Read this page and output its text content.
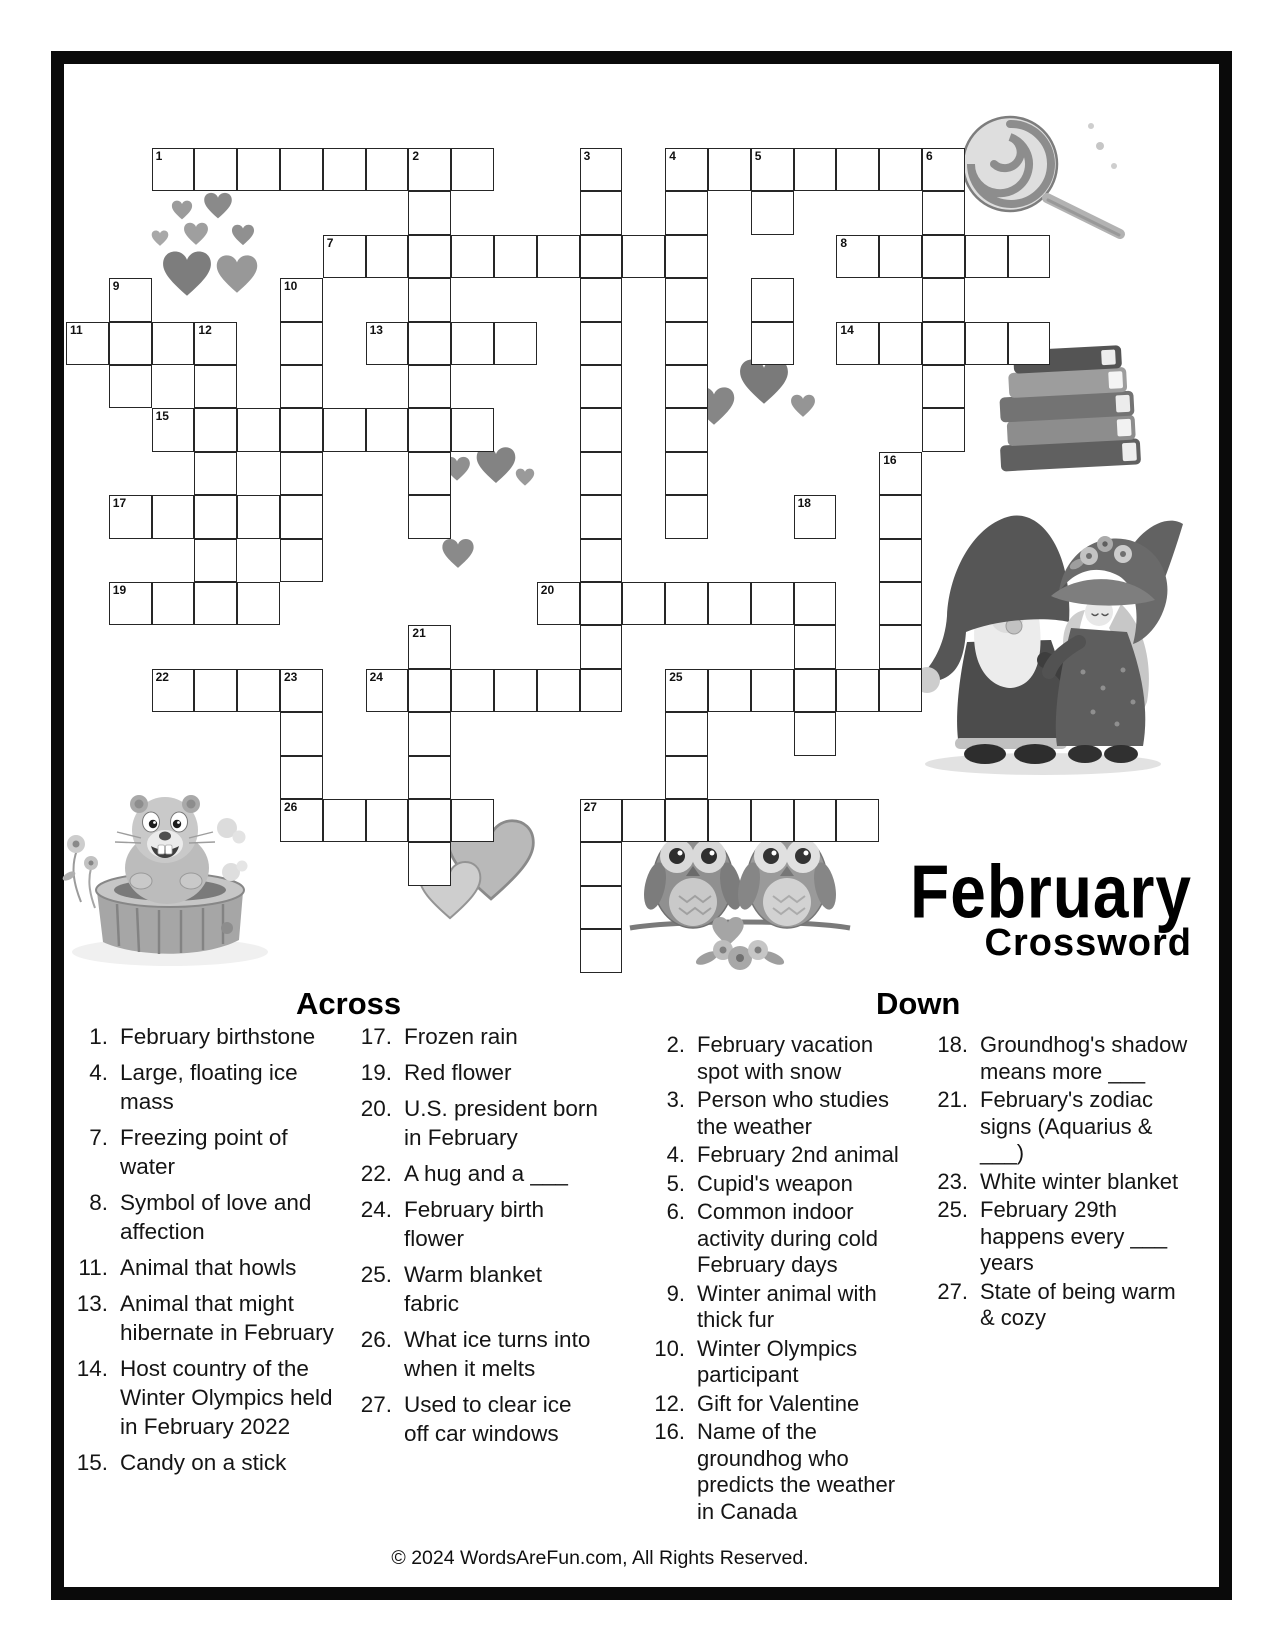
1	2	3	4	5	6
7	8
9	10
11	12	13	14
15
16
17	18
19	20
21
22	23	24	25
26	27
February
Crossword
Across	Down
1. February birthstone
4. Large, floating ice mass
7. Freezing point of water
8. Symbol of love and affection
11. Animal that howls
13. Animal that might hibernate in February
14. Host country of the Winter Olympics held in February 2022
15. Candy on a stick
17. Frozen rain
19. Red flower
20. U.S. president born in February
22. A hug and a ___
24. February birth flower
25. Warm blanket fabric
26. What ice turns into when it melts
27. Used to clear ice off car windows
2. February vacation spot with snow
3. Person who studies the weather
4. February 2nd animal
5. Cupid's weapon
6. Common indoor activity during cold February days
9. Winter animal with thick fur
10. Winter Olympics participant
12. Gift for Valentine
16. Name of the groundhog who predicts the weather in Canada
18. Groundhog's shadow means more ___
21. February's zodiac signs (Aquarius & ___)
23. White winter blanket
25. February 29th happens every ___ years
27. State of being warm & cozy
© 2024 WordsAreFun.com, All Rights Reserved.
